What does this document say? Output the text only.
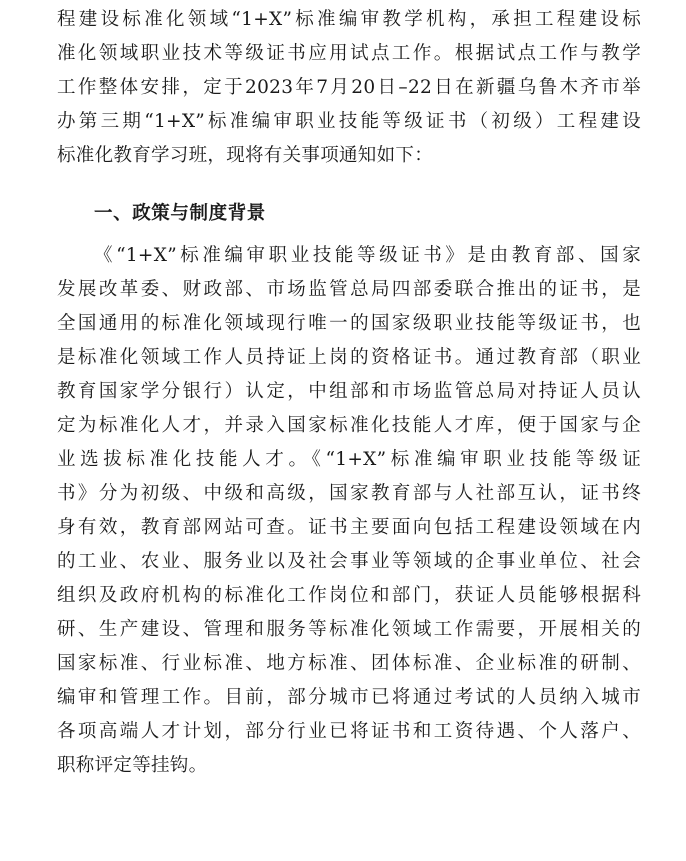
程建设标准化领域“1+X”标准编审教学机构，承担工程建设标
准化领域职业技术等级证书应用试点工作。根据试点工作与教学
工作整体安排，定于2023年7月20日–22日在新疆乌鲁木齐市举
办第三期“1+X”标准编审职业技能等级证书（初级）工程建设
标准化教育学习班，现将有关事项通知如下：
一、政策与制度背景
《“1+X”标准编审职业技能等级证书》是由教育部、国家
发展改革委、财政部、市场监管总局四部委联合推出的证书，是
全国通用的标准化领域现行唯一的国家级职业技能等级证书，也
是标准化领域工作人员持证上岗的资格证书。通过教育部（职业
教育国家学分银行）认定，中组部和市场监管总局对持证人员认
定为标准化人才，并录入国家标准化技能人才库，便于国家与企
业选拔标准化技能人才。《“1+X”标准编审职业技能等级证
书》分为初级、中级和高级，国家教育部与人社部互认，证书终
身有效，教育部网站可查。证书主要面向包括工程建设领域在内
的工业、农业、服务业以及社会事业等领域的企事业单位、社会
组织及政府机构的标准化工作岗位和部门，获证人员能够根据科
研、生产建设、管理和服务等标准化领域工作需要，开展相关的
国家标准、行业标准、地方标准、团体标准、企业标准的研制、
编审和管理工作。目前，部分城市已将通过考试的人员纳入城市
各项高端人才计划，部分行业已将证书和工资待遇、个人落户、
职称评定等挂钩。
